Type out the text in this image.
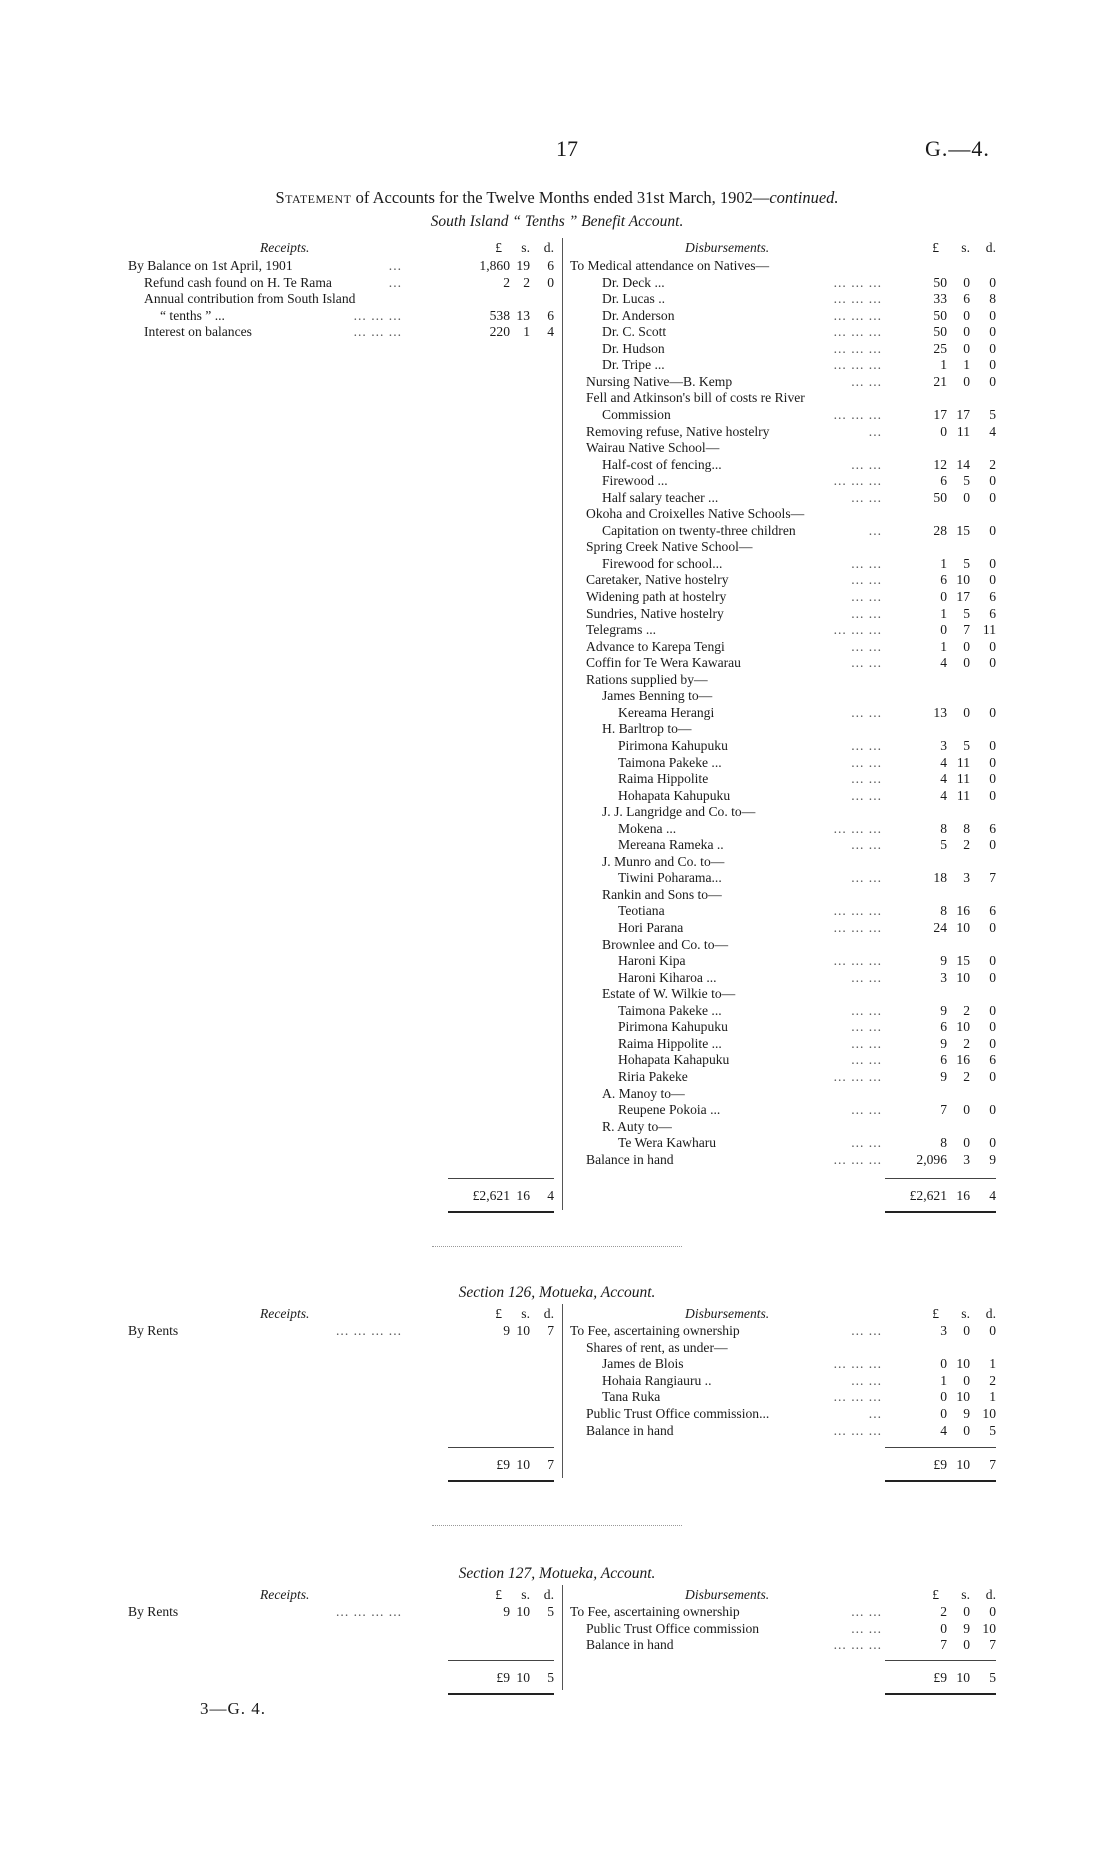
17	G.—4.
Statement of Accounts for the Twelve Months ended 31st March, 1902—continued.
South Island “ Tenths ” Benefit Account.
Receipts.	£ s. d.	Disbursements.	£ s. d.
By Balance on 1st April, 1901	...	1,860 19 6
Refund cash found on H. Te Rama	...	2 2 0
Annual contribution from South Island
“ tenths ” ...	... ... ...	538 13 6
Interest on balances	... ... ...	220 1 4
To Medical attendance on Natives—
Dr. Deck ...	... ... ...	50 0 0
Dr. Lucas ..	... ... ...	33 6 8
Dr. Anderson	... ... ...	50 0 0
Dr. C. Scott	... ... ...	50 0 0
Dr. Hudson	... ... ...	25 0 0
Dr. Tripe ...	... ... ...	1 1 0
Nursing Native—B. Kemp	... ...	21 0 0
Fell and Atkinson's bill of costs re River
Commission	... ... ...	17 17 5
Removing refuse, Native hostelry	...	0 11 4
Wairau Native School—
Half-cost of fencing...	... ...	12 14 2
Firewood ...	... ... ...	6 5 0
Half salary teacher ...	... ...	50 0 0
Okoha and Croixelles Native Schools—
Capitation on twenty-three children	...	28 15 0
Spring Creek Native School—
Firewood for school...	... ...	1 5 0
Caretaker, Native hostelry	... ...	6 10 0
Widening path at hostelry	... ...	0 17 6
Sundries, Native hostelry	... ...	1 5 6
Telegrams ...	... ... ...	0 7 11
Advance to Karepa Tengi	... ...	1 0 0
Coffin for Te Wera Kawarau	... ...	4 0 0
Rations supplied by—
James Benning to—
Kereama Herangi	... ...	13 0 0
H. Barltrop to—
Pirimona Kahupuku	... ...	3 5 0
Taimona Pakeke ...	... ...	4 11 0
Raima Hippolite	... ...	4 11 0
Hohapata Kahupuku	... ...	4 11 0
J. J. Langridge and Co. to—
Mokena ...	... ... ...	8 8 6
Mereana Rameka ..	... ...	5 2 0
J. Munro and Co. to—
Tiwini Poharama...	... ...	18 3 7
Rankin and Sons to—
Teotiana	... ... ...	8 16 6
Hori Parana	... ... ...	24 10 0
Brownlee and Co. to—
Haroni Kipa	... ... ...	9 15 0
Haroni Kiharoa ...	... ...	3 10 0
Estate of W. Wilkie to—
Taimona Pakeke ...	... ...	9 2 0
Pirimona Kahupuku	... ...	6 10 0
Raima Hippolite ...	... ...	9 2 0
Hohapata Kahapuku	... ...	6 16 6
Riria Pakeke	... ... ...	9 2 0
A. Manoy to—
Reupene Pokoia ...	... ...	7 0 0
R. Auty to—
Te Wera Kawharu	... ...	8 0 0
Balance in hand	... ... ...	2,096 3 9
£2,621 16 4	£2,621 16 4
Section 126, Motueka, Account.
Receipts.	£ s. d.	Disbursements.	£ s. d.
By Rents	... ... ... ...	9 10 7 To Fee, ascertaining ownership	... ...	3 0 0
Shares of rent, as under—
James de Blois	... ... ...	0 10 1
Hohaia Rangiauru ..	... ...	1 0 2
Tana Ruka	... ... ...	0 10 1
Public Trust Office commission...	...	0 9 10
Balance in hand	... ... ...	4 0 5
£9 10 7	£9 10 7
Section 127, Motueka, Account.
Receipts.	£ s. d.	Disbursements.	£ s. d.
By Rents	... ... ... ...	9 10 5 To Fee, ascertaining ownership	... ...	2 0 0
Public Trust Office commission	... ...	0 9 10
Balance in hand	... ... ...	7 0 7
£9 10 5	£9 10 5
3—G. 4.
